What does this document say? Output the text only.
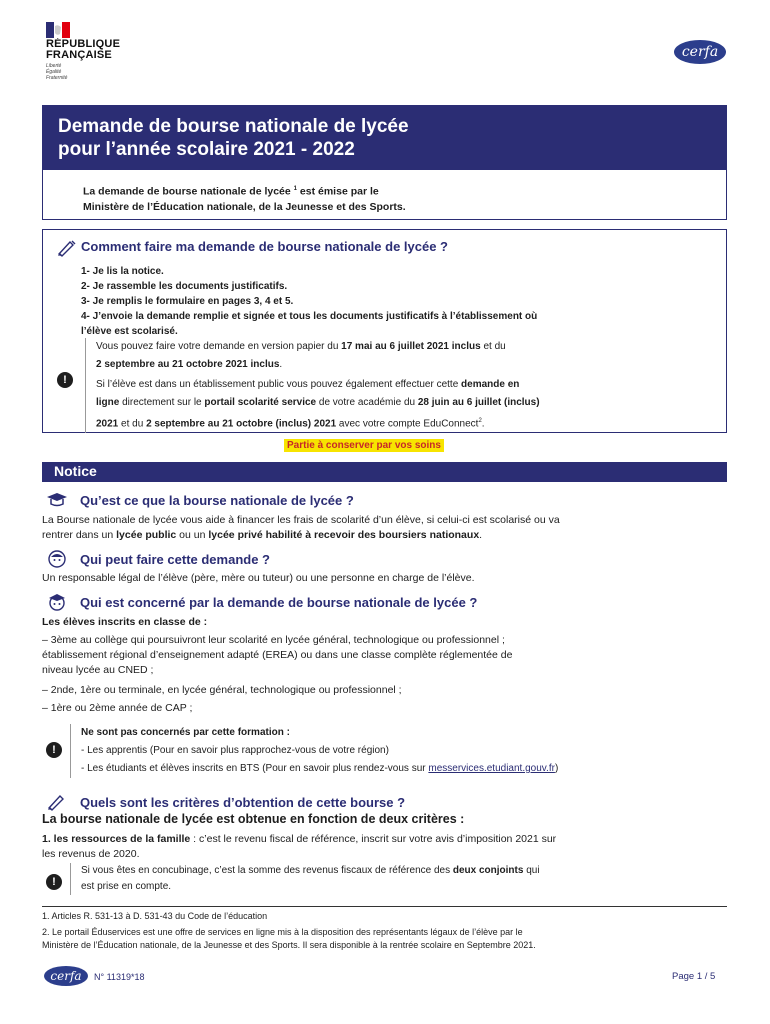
RÉPUBLIQUE
FRANÇAISE
Liberté
Égalité
Fraternité
cerfa
Demande de bourse nationale de lycée
pour l’année scolaire 2021 - 2022
La demande de bourse nationale de lycée $^1$ est émise par le
Ministère de l’Éducation nationale, de la Jeunesse et des Sports.
Comment faire ma demande de bourse nationale de lycée ?
1- Je lis la notice.
2- Je rassemble les documents justificatifs.
3- Je remplis le formulaire en pages 3, 4 et 5.
4- J’envoie la demande remplie et signée et tous les documents justificatifs à l’établissement où
l’élève est scolarisé.
!
Vous pouvez faire votre demande en version papier du 17 mai au 6 juillet 2021 inclus et du
2 septembre au 21 octobre 2021 inclus.
Si l’élève est dans un établissement public vous pouvez également effectuer cette demande en
ligne directement sur le portail scolarité service de votre académie du 28 juin au 6 juillet (inclus)
2021 et du 2 septembre au 21 octobre (inclus) 2021 avec votre compte EduConnect$^2$.
Partie à conserver par vos soins
Notice
Qu’est ce que la bourse nationale de lycée ?
La Bourse nationale de lycée vous aide à financer les frais de scolarité d’un élève, si celui-ci est scolarisé ou va
rentrer dans un lycée public ou un lycée privé habilité à recevoir des boursiers nationaux.
Qui peut faire cette demande ?
Un responsable légal de l’élève (père, mère ou tuteur) ou une personne en charge de l’élève.
Qui est concerné par la demande de bourse nationale de lycée ?
Les élèves inscrits en classe de :
– 3ème au collège qui poursuivront leur scolarité en lycée général, technologique ou professionnel ;
établissement régional d’enseignement adapté (EREA) ou dans une classe complète réglementée de
niveau lycée au CNED ;
– 2nde, 1ère ou terminale, en lycée général, technologique ou professionnel ;
– 1ère ou 2ème année de CAP ;
!
Ne sont pas concernés par cette formation :
- Les apprentis (Pour en savoir plus rapprochez-vous de votre région)
- Les étudiants et élèves inscrits en BTS (Pour en savoir plus rendez-vous sur messervices.etudiant.gouv.fr)
Quels sont les critères d’obtention de cette bourse ?
La bourse nationale de lycée est obtenue en fonction de deux critères :
1. les ressources de la famille : c’est le revenu fiscal de référence, inscrit sur votre avis d’imposition 2021 sur
les revenus de 2020.
!
Si vous êtes en concubinage, c’est la somme des revenus fiscaux de référence des deux conjoints qui
est prise en compte.
1. Articles R. 531-13 à D. 531-43 du Code de l’éducation
2. Le portail Éduservices est une offre de services en ligne mis à la disposition des représentants légaux de l’élève par le
Ministère de l’Éducation nationale, de la Jeunesse et des Sports. Il sera disponible à la rentrée scolaire en Septembre 2021.
cerfa	N° 11319*18	Page 1 / 5
